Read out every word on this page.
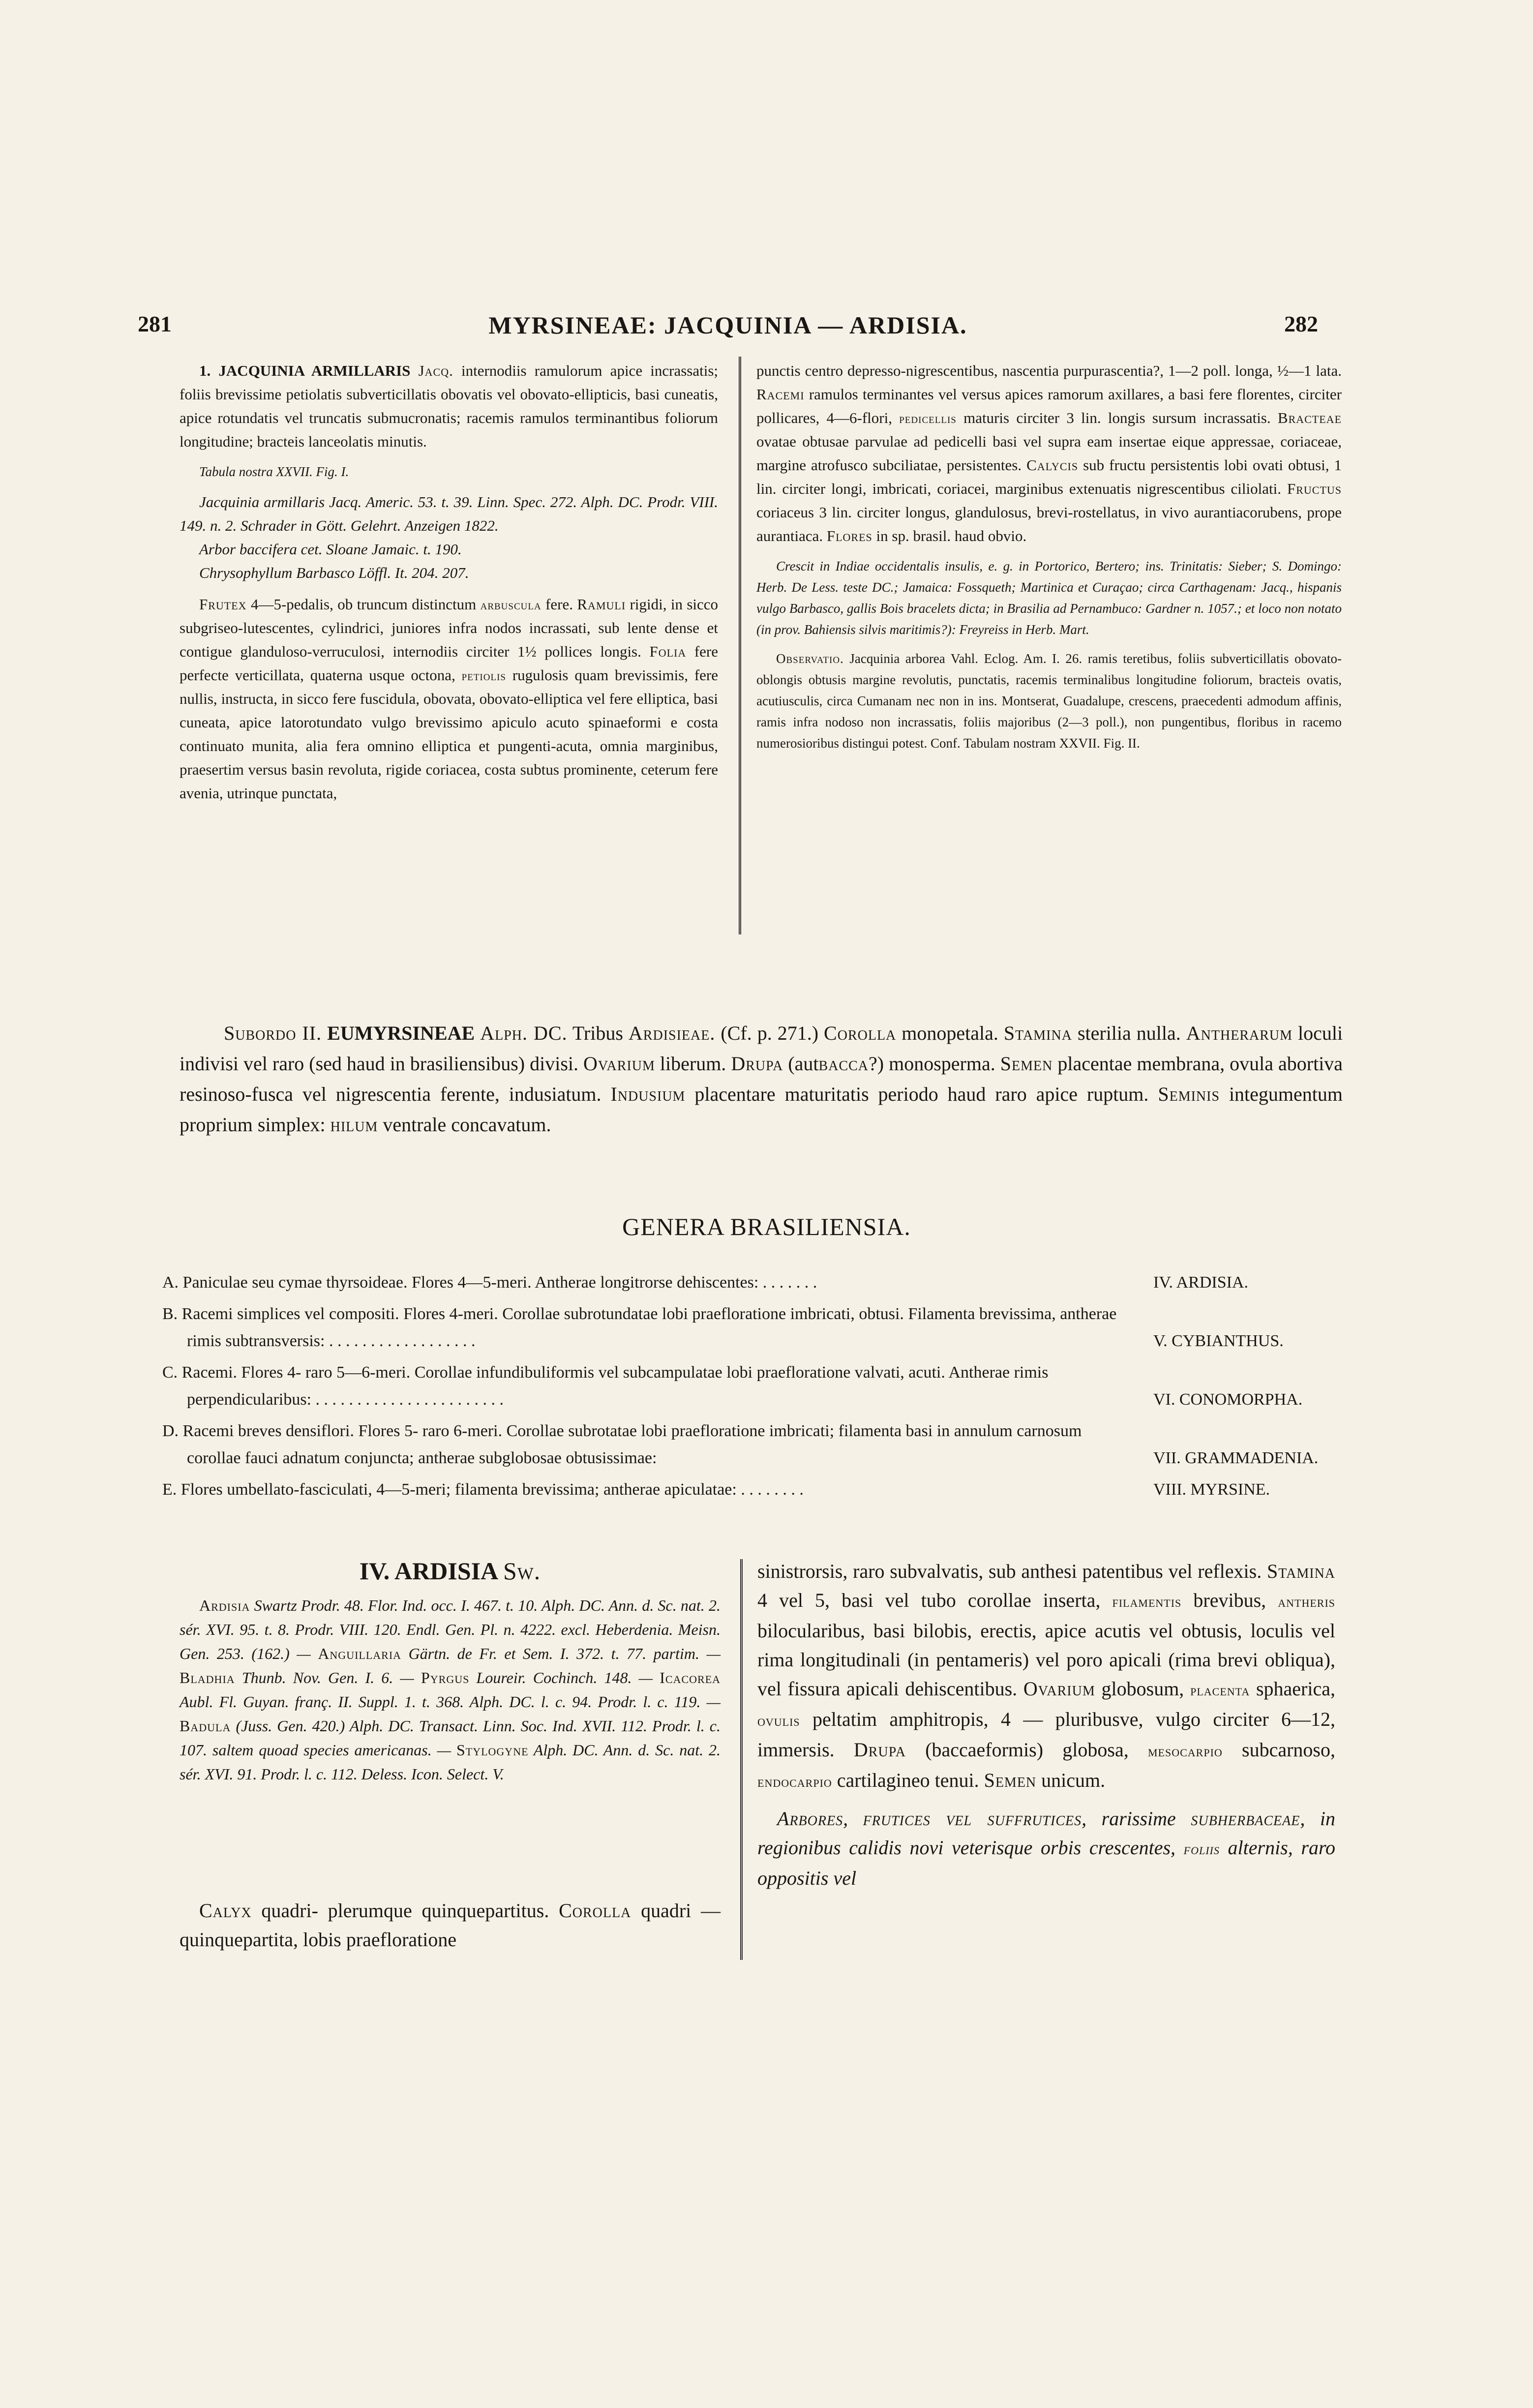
281	MYRSINEAE: JACQUINIA — ARDISIA.	282

1. JACQUINIA ARMILLARIS Jacq. internodiis ramulorum apice incrassatis; foliis brevissime petiolatis subverticillatis obovatis vel obovato-ellipticis, basi cuneatis, apice rotundatis vel truncatis submucronatis; racemis ramulos terminantibus foliorum longitudine; bracteis lanceolatis minutis.

Tabula nostra XXVII. Fig. I.

Jacquinia armillaris Jacq. Americ. 53. t. 39. Linn. Spec. 272. Alph. DC. Prodr. VIII. 149. n. 2. Schrader in Gött. Gelehrt. Anzeigen 1822.

Arbor baccifera cet. Sloane Jamaic. t. 190.

Chrysophyllum Barbasco Löffl. It. 204. 207.

Frutex 4—5-pedalis, ob truncum distinctum arbuscula fere. Ramuli rigidi, in sicco subgriseo-lutescentes, cylindrici, juniores infra nodos incrassati, sub lente dense et contigue glanduloso-verruculosi, internodiis circiter 1½ pollices longis. Folia fere perfecte verticillata, quaterna usque octona, petiolis rugulosis quam brevissimis, fere nullis, instructa, in sicco fere fuscidula, obovata, obovato-elliptica vel fere elliptica, basi cuneata, apice latorotundato vulgo brevissimo apiculo acuto spinaeformi e costa continuato munita, alia fera omnino elliptica et pungenti-acuta, omnia marginibus, praesertim versus basin revoluta, rigide coriacea, costa subtus prominente, ceterum fere avenia, utrinque punctata,

punctis centro depresso-nigrescentibus, nascentia purpurascentia?, 1—2 poll. longa, ½—1 lata. Racemi ramulos terminantes vel versus apices ramorum axillares, a basi fere florentes, circiter pollicares, 4—6-flori, pedicellis maturis circiter 3 lin. longis sursum incrassatis. Bracteae ovatae obtusae parvulae ad pedicelli basi vel supra eam insertae eique appressae, coriaceae, margine atrofusco subciliatae, persistentes. Calycis sub fructu persistentis lobi ovati obtusi, 1 lin. circiter longi, imbricati, coriacei, marginibus extenuatis nigrescentibus ciliolati. Fructus coriaceus 3 lin. circiter longus, glandulosus, brevi-rostellatus, in vivo aurantiacorubens, prope aurantiaca. Flores in sp. brasil. haud obvio.

Crescit in Indiae occidentalis insulis, e. g. in Portorico, Bertero; ins. Trinitatis: Sieber; S. Domingo: Herb. De Less. teste DC.; Jamaica: Fossqueth; Martinica et Curaçao; circa Carthagenam: Jacq., hispanis vulgo Barbasco, gallis Bois bracelets dicta; in Brasilia ad Pernambuco: Gardner n. 1057.; et loco non notato (in prov. Bahiensis silvis maritimis?): Freyreiss in Herb. Mart.

Observatio. Jacquinia arborea Vahl. Eclog. Am. I. 26. ramis teretibus, foliis subverticillatis obovato-oblongis obtusis margine revolutis, punctatis, racemis terminalibus longitudine foliorum, bracteis ovatis, acutiusculis, circa Cumanam nec non in ins. Montserat, Guadalupe, crescens, praecedenti admodum affinis, ramis infra nodoso non incrassatis, foliis majoribus (2—3 poll.), non pungentibus, floribus in racemo numerosioribus distingui potest. Conf. Tabulam nostram XXVII. Fig. II.

Subordo II. EUMYRSINEAE Alph. DC. Tribus Ardisieae. (Cf. p. 271.) Corolla monopetala. Stamina sterilia nulla. Antherarum loculi indivisi vel raro (sed haud in brasiliensibus) divisi. Ovarium liberum. Drupa (autbacca?) monosperma. Semen placentae membrana, ovula abortiva resinoso-fusca vel nigrescentia ferente, indusiatum. Indusium placentare maturitatis periodo haud raro apice ruptum. Seminis integumentum proprium simplex: hilum ventrale concavatum.
GENERA BRASILIENSIA.
A. Paniculae seu cymae thyrsoideae. Flores 4—5-meri. Antherae longitrorse dehiscentes: . . . . . . .	IV. ARDISIA.
B. Racemi simplices vel compositi. Flores 4-meri. Corollae subrotundatae lobi praefloratione imbricati, obtusi. Filamenta brevissima, antherae rimis subtransversis: . . . . . . . . . . . . . . . . . .	V. CYBIANTHUS.
C. Racemi. Flores 4- raro 5—6-meri. Corollae infundibuliformis vel subcampulatae lobi praefloratione valvati, acuti. Antherae rimis perpendicularibus: . . . . . . . . . . . . . . . . . . . . . . .	VI. CONOMORPHA.
D. Racemi breves densiflori. Flores 5- raro 6-meri. Corollae subrotatae lobi praefloratione imbricati; filamenta basi in annulum carnosum corollae fauci adnatum conjuncta; antherae subglobosae obtusissimae:	VII. GRAMMADENIA.
E. Flores umbellato-fasciculati, 4—5-meri; filamenta brevissima; antherae apiculatae: . . . . . . . .	VIII. MYRSINE.
IV. ARDISIA Sw.

Ardisia Swartz Prodr. 48. Flor. Ind. occ. I. 467. t. 10. Alph. DC. Ann. d. Sc. nat. 2. sér. XVI. 95. t. 8. Prodr. VIII. 120. Endl. Gen. Pl. n. 4222. excl. Heberdenia. Meisn. Gen. 253. (162.) — Anguillaria Gärtn. de Fr. et Sem. I. 372. t. 77. partim. — Bladhia Thunb. Nov. Gen. I. 6. — Pyrgus Loureir. Cochinch. 148. — Icacorea Aubl. Fl. Guyan. franç. II. Suppl. 1. t. 368. Alph. DC. l. c. 94. Prodr. l. c. 119. — Badula (Juss. Gen. 420.) Alph. DC. Transact. Linn. Soc. Ind. XVII. 112. Prodr. l. c. 107. saltem quoad species americanas. — Stylogyne Alph. DC. Ann. d. Sc. nat. 2. sér. XVI. 91. Prodr. l. c. 112. Deless. Icon. Select. V.

Calyx quadri- plerumque quinquepartitus. Corolla quadri — quinquepartita, lobis praefloratione

sinistrorsis, raro subvalvatis, sub anthesi patentibus vel reflexis. Stamina 4 vel 5, basi vel tubo corollae inserta, filamentis brevibus, antheris bilocularibus, basi bilobis, erectis, apice acutis vel obtusis, loculis vel rima longitudinali (in pentameris) vel poro apicali (rima brevi obliqua), vel fissura apicali dehiscentibus. Ovarium globosum, placenta sphaerica, ovulis peltatim amphitropis, 4 — pluribusve, vulgo circiter 6—12, immersis. Drupa (baccaeformis) globosa, mesocarpio subcarnoso, endocarpio cartilagineo tenui. Semen unicum.

Arbores, frutices vel suffrutices, rarissime subherbaceae, in regionibus calidis novi veterisque orbis crescentes, foliis alternis, raro oppositis vel
